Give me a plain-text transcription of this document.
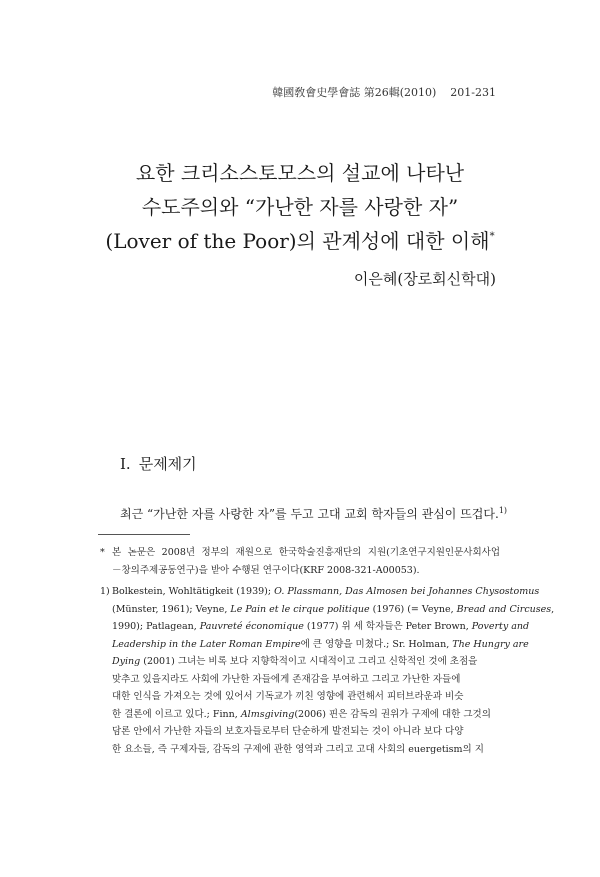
韓國敎會史學會誌 第26輯(2010) 201-231
요한 크리소스토모스의 설교에 나타난
수도주의와 “가난한 자를 사랑한 자”
(Lover of the Poor)의 관계성에 대한 이해*
이은혜(장로회신학대)
Ⅰ. 문제제기
최근 “가난한 자를 사랑한 자”를 두고 고대 교회 학자들의 관심이 뜨겁다.$^{1)}$
* 본 논문은 2008년 정부의 재원으로 한국학술진흥재단의 지원(기초연구지원인문사회사업
－창의주제공동연구)을 받아 수행된 연구이다(KRF 2008-321-A00053).
1) Bolkestein, Wohltätigkeit (1939); O. Plassmann, Das Almosen bei Johannes Chysostomus
(Münster, 1961); Veyne, Le Pain et le cirque politique (1976) (= Veyne, Bread and Circuses,
1990); Patlagean, Pauvreté économique (1977) 위 세 학자들은 Peter Brown, Poverty and
Leadership in the Later Roman Empire에 큰 영향을 미쳤다.; Sr. Holman, The Hungry are
Dying (2001) 그녀는 비록 보다 지향학적이고 시대적이고 그리고 신학적인 것에 초점을
맞추고 있을지라도 사회에 가난한 자들에게 존재감을 부여하고 그리고 가난한 자들에
대한 인식을 가져오는 것에 있어서 기독교가 끼친 영향에 관련해서 피터브라운과 비슷
한 결론에 이르고 있다.; Finn, Almsgiving(2006) 핀은 감독의 권위가 구제에 대한 그것의
담론 안에서 가난한 자들의 보호자들로부터 단순하게 발전되는 것이 아니라 보다 다양
한 요소들, 즉 구제자들, 감독의 구제에 관한 영역과 그리고 고대 사회의 euergetism의 지
